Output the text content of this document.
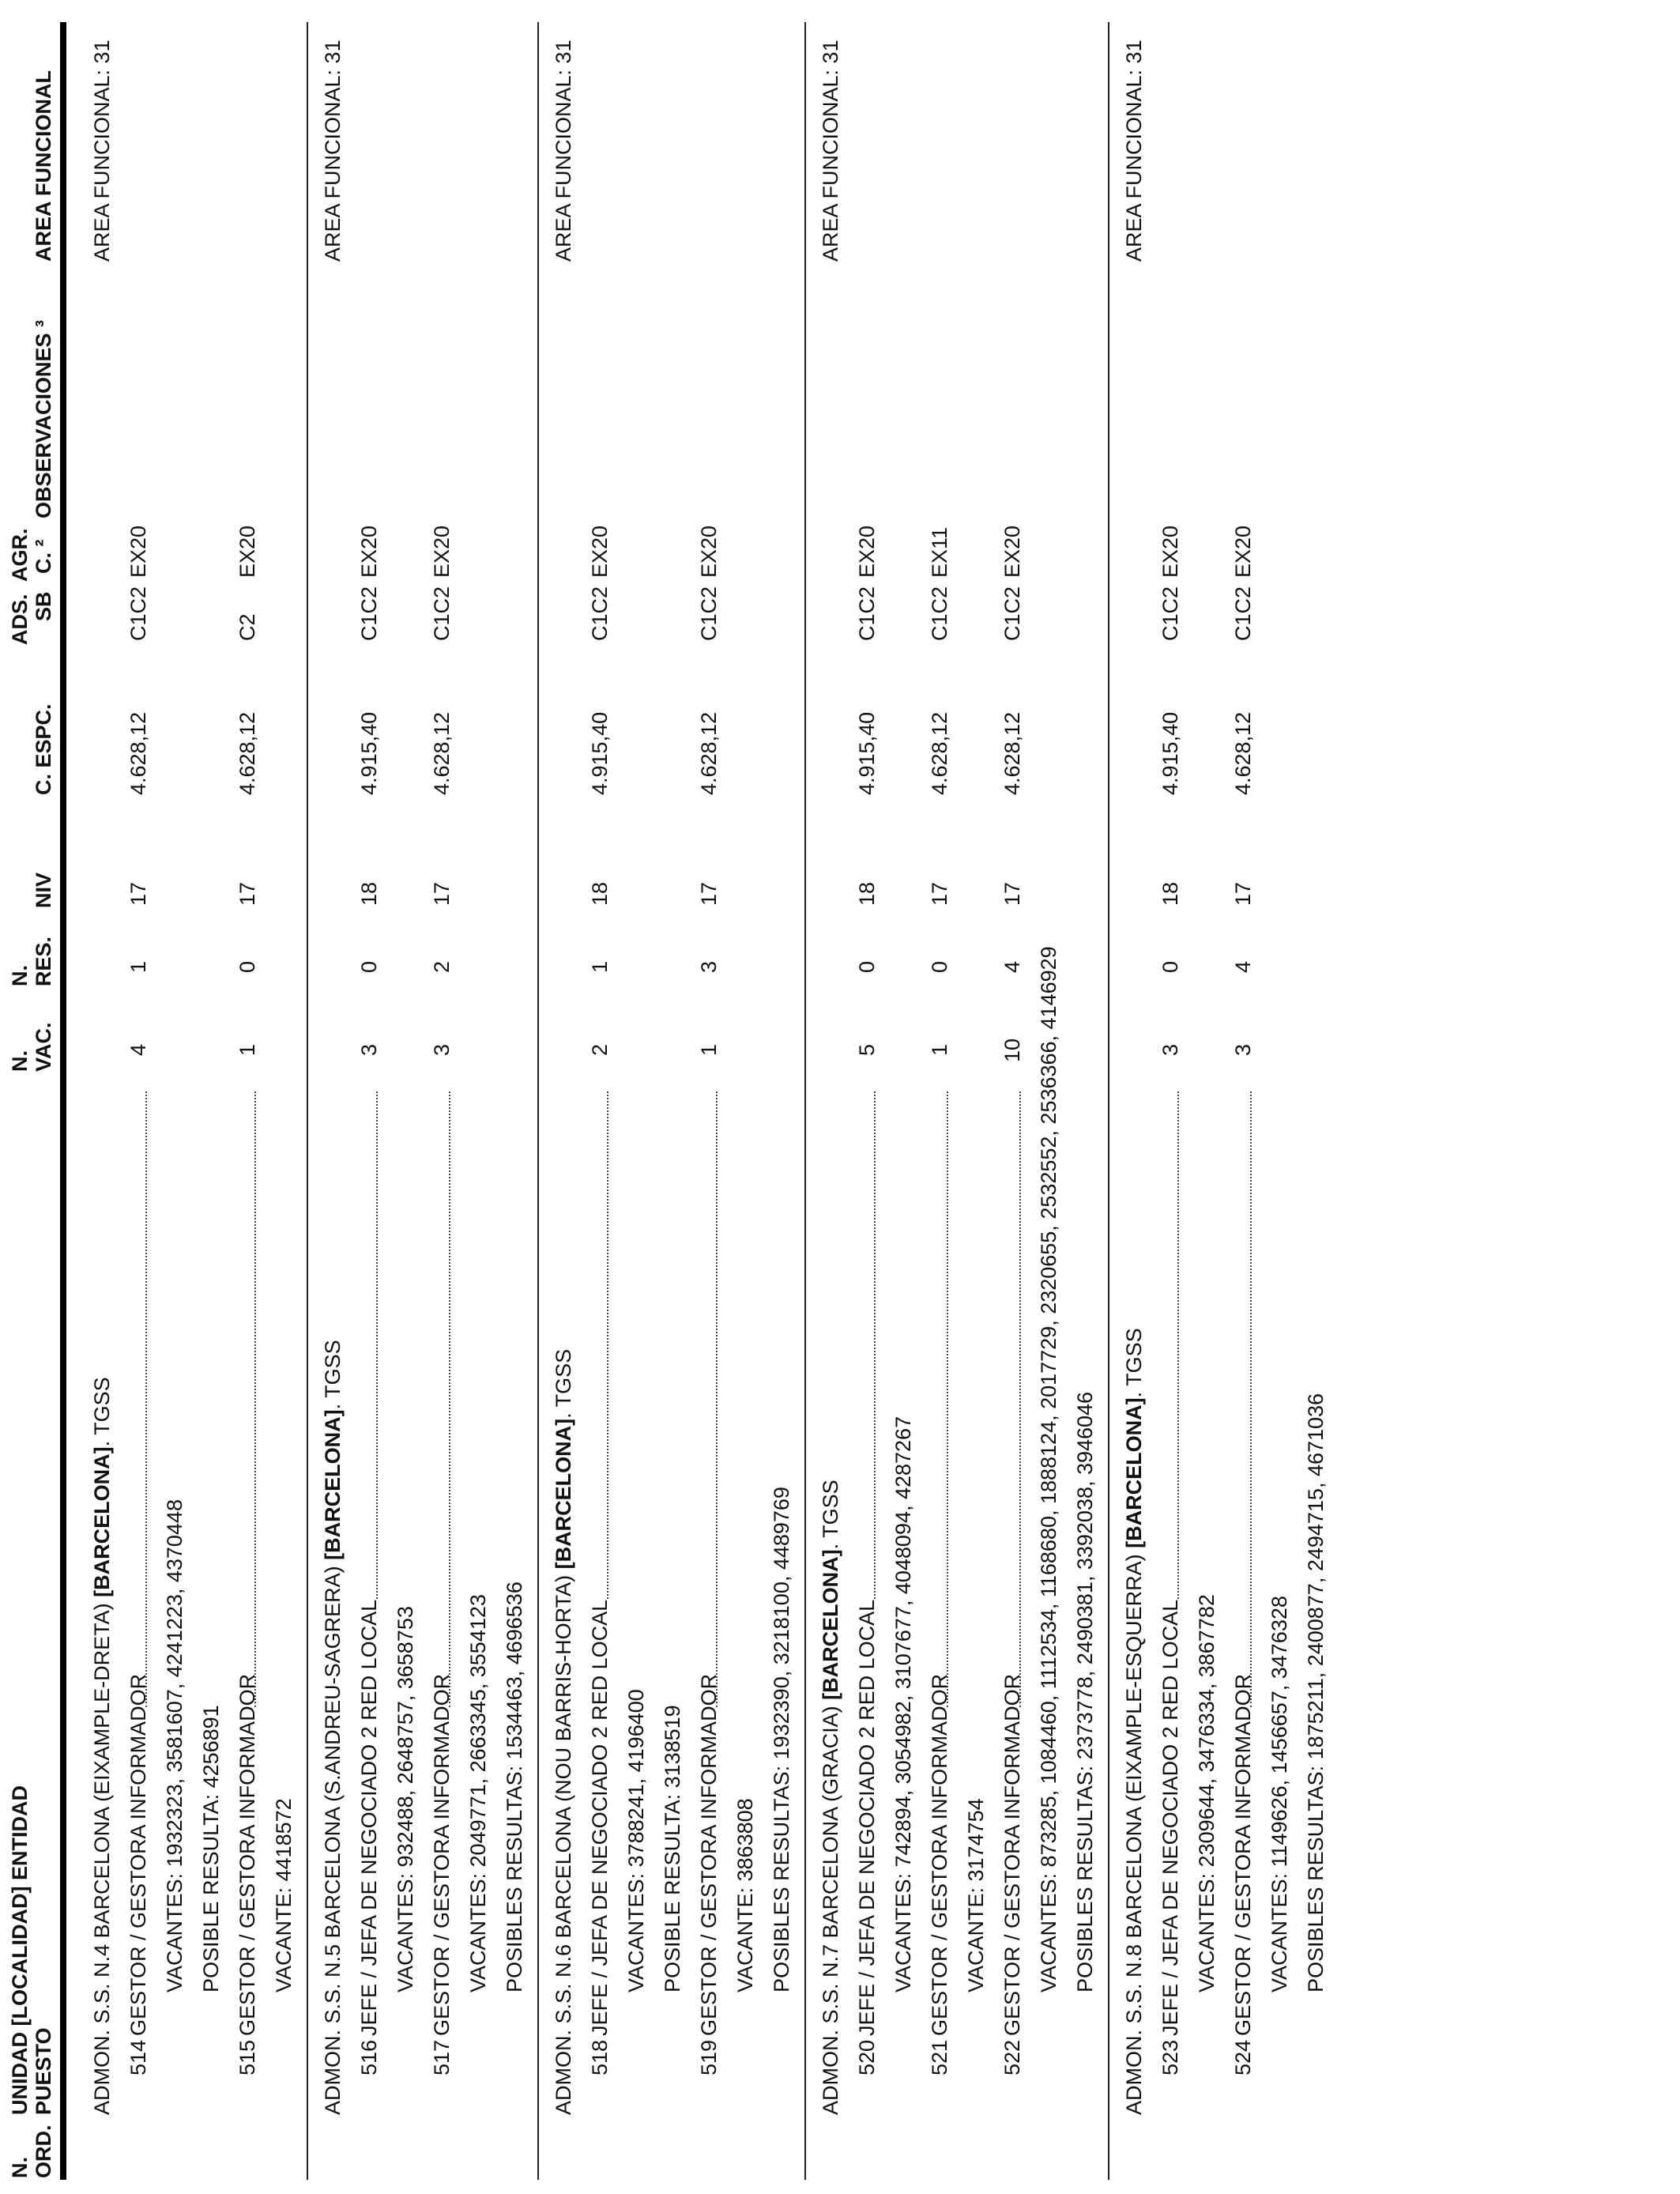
N. ORD.
UNIDAD [LOCALIDAD] ENTIDAD PUESTO
N. VAC.
N. RES.
NIV
C. ESPC.
ADS. SB
AGR. C. ²
OBSERVACIONES ³
AREA FUNCIONAL
ADMON. S.S. N.4 BARCELONA (EIXAMPLE-DRETA) [BARCELONA]. TGSS
AREA FUNCIONAL: 31
514
GESTOR / GESTORA INFORMADOR
4
1
17
4.628,12
C1C2
EX20
VACANTES: 1932323, 3581607, 4241223, 4370448 POSIBLE RESULTA: 4256891
515
GESTOR / GESTORA INFORMADOR
1
0
17
4.628,12
C2
EX20
VACANTE: 4418572 ADMON. S.S. N.5 BARCELONA (S.ANDREU-SAGRERA) [BARCELONA]. TGSS
AREA FUNCIONAL: 31
516
JEFE / JEFA DE NEGOCIADO 2 RED LOCAL
3
0
18
4.915,40
C1C2
EX20
VACANTES: 932488, 2648757, 3658753
517
GESTOR / GESTORA INFORMADOR
3
2
17
4.628,12
C1C2
EX20
VACANTES: 2049771, 2663345, 3554123 POSIBLES RESULTAS: 1534463, 4696536 ADMON. S.S. N.6 BARCELONA (NOU BARRIS-HORTA) [BARCELONA]. TGSS
AREA FUNCIONAL: 31
518
JEFE / JEFA DE NEGOCIADO 2 RED LOCAL
2
1
18
4.915,40
C1C2
EX20
VACANTES: 3788241, 4196400 POSIBLE RESULTA: 3138519
519
GESTOR / GESTORA INFORMADOR
1
3
17
4.628,12
C1C2
EX20
VACANTE: 3863808 POSIBLES RESULTAS: 1932390, 3218100, 4489769 ADMON. S.S. N.7 BARCELONA (GRACIA) [BARCELONA]. TGSS
AREA FUNCIONAL: 31
520
JEFE / JEFA DE NEGOCIADO 2 RED LOCAL
5
0
18
4.915,40
C1C2
EX20
VACANTES: 742894, 3054982, 3107677, 4048094, 4287267
521
GESTOR / GESTORA INFORMADOR
1
0
17
4.628,12
C1C2
EX11
VACANTE: 3174754
522
GESTOR / GESTORA INFORMADOR
10
4
17
4.628,12
C1C2
EX20
VACANTES: 873285, 1084460, 1112534, 1168680, 1888124, 2017729, 2320655, 2532552, 2536366, 4146929 POSIBLES RESULTAS: 2373778, 2490381, 3392038, 3946046 ADMON. S.S. N.8 BARCELONA (EIXAMPLE-ESQUERRA) [BARCELONA]. TGSS
AREA FUNCIONAL: 31
523
JEFE / JEFA DE NEGOCIADO 2 RED LOCAL
3
0
18
4.915,40
C1C2
EX20
VACANTES: 2309644, 3476334, 3867782
524
GESTOR / GESTORA INFORMADOR
3
4
17
4.628,12
C1C2
EX20
VACANTES: 1149626, 1456657, 3476328 POSIBLES RESULTAS: 1875211, 2400877, 2494715, 4671036
